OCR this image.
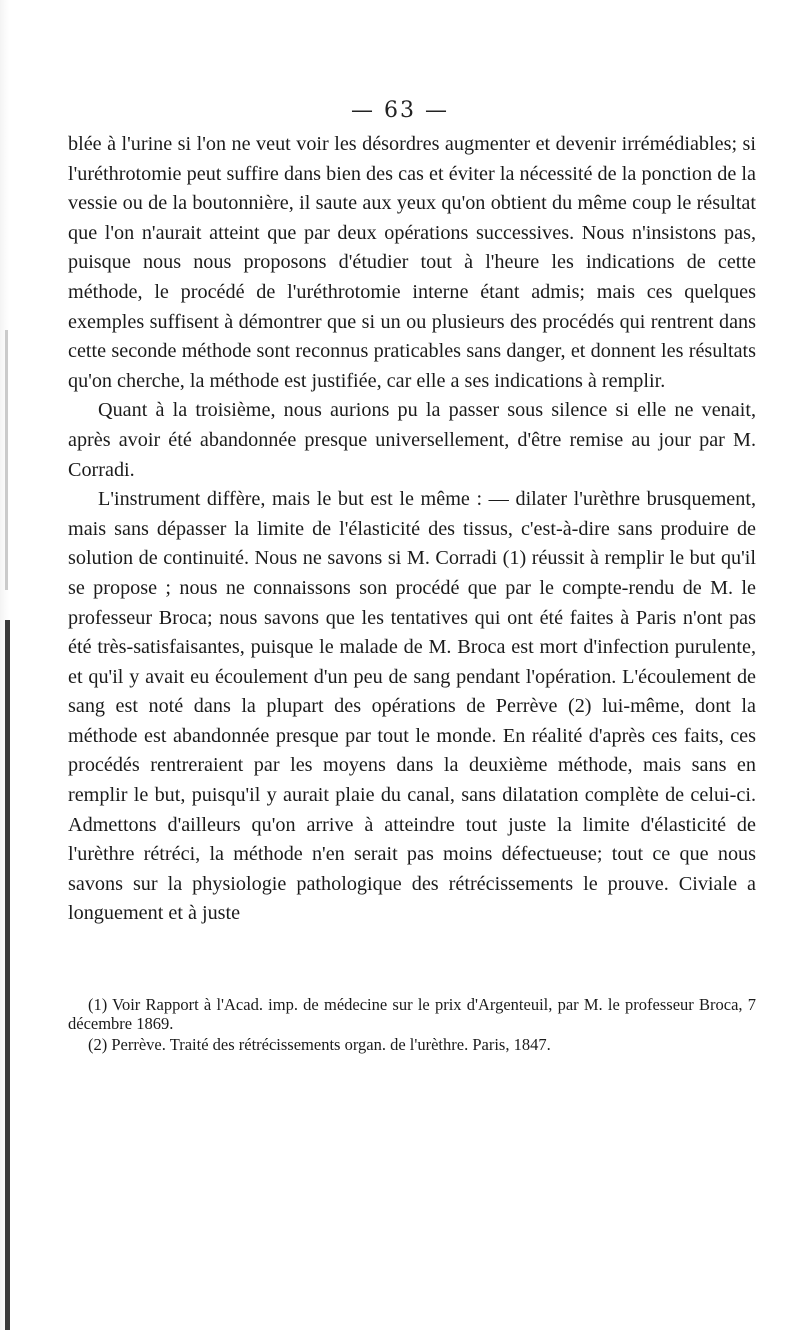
— 63 —

blée à l'urine si l'on ne veut voir les désordres augmenter et devenir irrémédiables; si l'uréthrotomie peut suffire dans bien des cas et éviter la nécessité de la ponction de la vessie ou de la boutonnière, il saute aux yeux qu'on obtient du même coup le résultat que l'on n'aurait atteint que par deux opérations successives. Nous n'insistons pas, puisque nous nous proposons d'étudier tout à l'heure les indications de cette méthode, le procédé de l'uréthrotomie interne étant admis; mais ces quelques exemples suffisent à démontrer que si un ou plusieurs des procédés qui rentrent dans cette seconde méthode sont reconnus praticables sans danger, et donnent les résultats qu'on cherche, la méthode est justifiée, car elle a ses indications à remplir.

Quant à la troisième, nous aurions pu la passer sous silence si elle ne venait, après avoir été abandonnée presque universellement, d'être remise au jour par M. Corradi.

L'instrument diffère, mais le but est le même : — dilater l'urèthre brusquement, mais sans dépasser la limite de l'élasticité des tissus, c'est-à-dire sans produire de solution de continuité. Nous ne savons si M. Corradi (1) réussit à remplir le but qu'il se propose ; nous ne connaissons son procédé que par le compte-rendu de M. le professeur Broca; nous savons que les tentatives qui ont été faites à Paris n'ont pas été très-satisfaisantes, puisque le malade de M. Broca est mort d'infection purulente, et qu'il y avait eu écoulement d'un peu de sang pendant l'opération. L'écoulement de sang est noté dans la plupart des opérations de Perrève (2) lui-même, dont la méthode est abandonnée presque par tout le monde. En réalité d'après ces faits, ces procédés rentreraient par les moyens dans la deuxième méthode, mais sans en remplir le but, puisqu'il y aurait plaie du canal, sans dilatation complète de celui-ci. Admettons d'ailleurs qu'on arrive à atteindre tout juste la limite d'élasticité de l'urèthre rétréci, la méthode n'en serait pas moins défectueuse; tout ce que nous savons sur la physiologie pathologique des rétrécissements le prouve. Civiale a longuement et à juste

(1) Voir Rapport à l'Acad. imp. de médecine sur le prix d'Argenteuil, par M. le professeur Broca, 7 décembre 1869.

(2) Perrève. Traité des rétrécissements organ. de l'urèthre. Paris, 1847.
